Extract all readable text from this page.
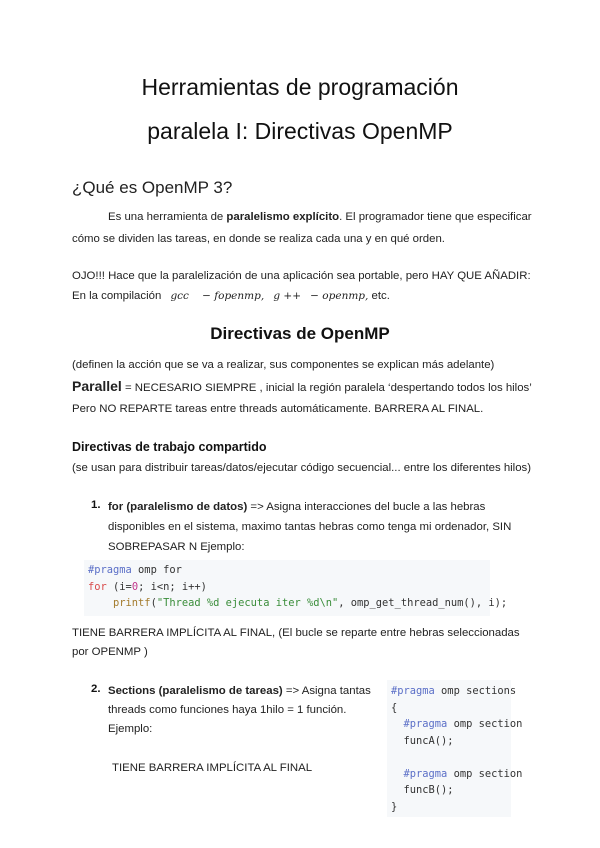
Herramientas de programación
paralela I: Directivas OpenMP
¿Qué es OpenMP 3?
Es una herramienta de paralelismo explícito. El programador tiene que especificar
cómo se dividen las tareas, en donde se realiza cada una y en qué orden.
OJO!!! Hace que la paralelización de una aplicación sea portable, pero HAY QUE AÑADIR:
En la compilación gcc − fopenmp, g ++ − openmp, etc.
Directivas de OpenMP
(definen la acción que se va a realizar, sus componentes se explican más adelante)
Parallel = NECESARIO SIEMPRE , inicial la región paralela ‘despertando todos los hilos’
Pero NO REPARTE tareas entre threads automáticamente. BARRERA AL FINAL.
Directivas de trabajo compartido
(se usan para distribuir tareas/datos/ejecutar código secuencial... entre los diferentes hilos)
1. for (paralelismo de datos) => Asigna interacciones del bucle a las hebras
disponibles en el sistema, maximo tantas hebras como tenga mi ordenador, SIN
SOBREPASAR N Ejemplo:
#pragma omp for
for (i=0; i<n; i++)
printf("Thread %d ejecuta iter %d\n", omp_get_thread_num(), i);
TIENE BARRERA IMPLÍCITA AL FINAL, (El bucle se reparte entre hebras seleccionadas
por OPENMP )
2. Sections (paralelismo de tareas) => Asigna tantas
threads como funciones haya 1hilo = 1 función.
Ejemplo:
TIENE BARRERA IMPLÍCITA AL FINAL
#pragma omp sections
{
#pragma omp section
funcA();

#pragma omp section
funcB();
}
